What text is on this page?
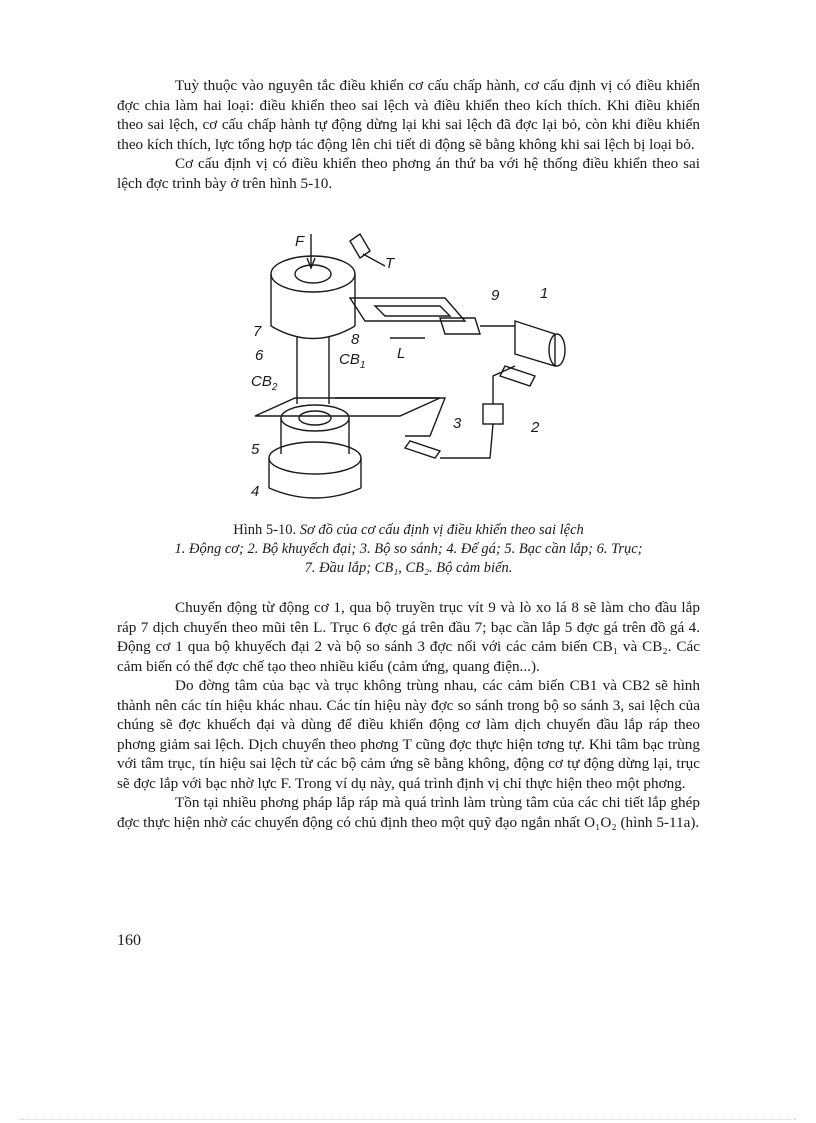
Tuỳ thuộc vào nguyên tắc điều khiển cơ cấu chấp hành, cơ cấu định vị có điều khiển đợc chia làm hai loại: điều khiển theo sai lệch và điều khiển theo kích thích. Khi điều khiển theo sai lệch, cơ cấu chấp hành tự động dừng lại khi sai lệch đã đợc lại bỏ, còn khi điều khiển theo kích thích, lực tổng hợp tác động lên chi tiết di động sẽ bằng không khi sai lệch bị loại bỏ.

Cơ cấu định vị có điều khiển theo phơng án thứ ba với hệ thống điều khiển theo sai lệch đợc trình bày ở trên hình 5-10.

F
T
L
1
2
3
4
5
6
7	8
9
$CB_1$
$CB_2$
Hình 5-10. Sơ đồ của cơ cấu định vị điều khiển theo sai lệch
1. Động cơ; 2. Bộ khuyếch đại; 3. Bộ so sánh; 4. Đế gá; 5. Bạc cần lắp; 6. Trục;
7. Đầu lắp; CB₁, CB₂. Bộ cảm biến.

Chuyển động từ động cơ 1, qua bộ truyền trục vít 9 và lò xo lá 8 sẽ làm cho đầu lắp ráp 7 dịch chuyển theo mũi tên L. Trục 6 đợc gá trên đầu 7; bạc cần lắp 5 đợc gá trên đồ gá 4. Động cơ 1 qua bộ khuyếch đại 2 và bộ so sánh 3 đợc nối với các cảm biến CB₁ và CB₂. Các cảm biến có thể đợc chế tạo theo nhiều kiểu (cảm ứng, quang điện...).

Do đờng tâm của bạc và trục không trùng nhau, các cảm biến CB1 và CB2 sẽ hình thành nên các tín hiệu khác nhau. Các tín hiệu này đợc so sánh trong bộ so sánh 3, sai lệch của chúng sẽ đợc khuếch đại và dùng để điều khiển động cơ làm dịch chuyển đầu lắp ráp theo phơng giảm sai lệch. Dịch chuyển theo phơng T cũng đợc thực hiện tơng tự. Khi tâm bạc trùng với tâm trục, tín hiệu sai lệch từ các bộ cảm ứng sẽ bằng không, động cơ tự động dừng lại, trục sẽ đợc lắp với bạc nhờ lực F. Trong ví dụ này, quá trình định vị chỉ thực hiện theo một phơng.

Tồn tại nhiều phơng pháp lắp ráp mà quá trình làm trùng tâm của các chi tiết lắp ghép đợc thực hiện nhờ các chuyển động có chủ định theo một quỹ đạo ngắn nhất O₁O₂ (hình 5-11a).

160
